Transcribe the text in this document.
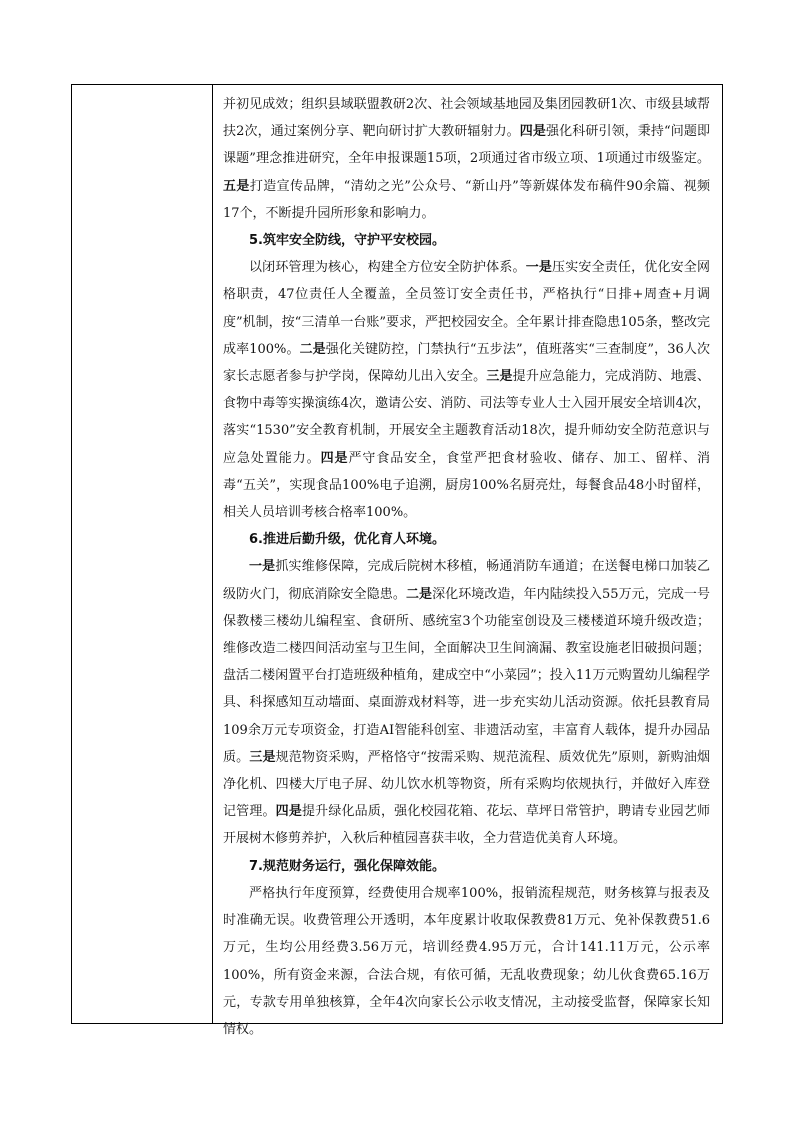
并初见成效；组织县域联盟教研2次、社会领域基地园及集团园教研1次、市级县域帮扶2次，通过案例分享、靶向研讨扩大教研辐射力。四是强化科研引领，秉持“问题即课题”理念推进研究，全年申报课题15项，2项通过省市级立项、1项通过市级鉴定。五是打造宣传品牌，“清幼之光”公众号、“新山丹”等新媒体发布稿件90余篇、视频17个，不断提升园所形象和影响力。

5.筑牢安全防线，守护平安校园。

以闭环管理为核心，构建全方位安全防护体系。一是压实安全责任，优化安全网格职责，47位责任人全覆盖，全员签订安全责任书，严格执行“日排+周查+月调度”机制，按“三清单一台账”要求，严把校园安全。全年累计排查隐患105条，整改完成率100%。二是强化关键防控，门禁执行“五步法”，值班落实“三查制度”，36人次家长志愿者参与护学岗，保障幼儿出入安全。三是提升应急能力，完成消防、地震、食物中毒等实操演练4次，邀请公安、消防、司法等专业人士入园开展安全培训4次，落实“1530”安全教育机制，开展安全主题教育活动18次，提升师幼安全防范意识与应急处置能力。四是严守食品安全，食堂严把食材验收、储存、加工、留样、消毒“五关”，实现食品100%电子追溯，厨房100%名厨亮灶，每餐食品48小时留样，相关人员培训考核合格率100%。

6.推进后勤升级，优化育人环境。

一是抓实维修保障，完成后院树木移植，畅通消防车通道；在送餐电梯口加装乙级防火门，彻底消除安全隐患。二是深化环境改造，年内陆续投入55万元，完成一号保教楼三楼幼儿编程室、食研所、感统室3个功能室创设及三楼楼道环境升级改造；维修改造二楼四间活动室与卫生间，全面解决卫生间滴漏、教室设施老旧破损问题；盘活二楼闲置平台打造班级种植角，建成空中“小菜园”；投入11万元购置幼儿编程学具、科探感知互动墙面、桌面游戏材料等，进一步充实幼儿活动资源。依托县教育局109余万元专项资金，打造AI智能科创室、非遗活动室，丰富育人载体，提升办园品质。三是规范物资采购，严格恪守“按需采购、规范流程、质效优先”原则，新购油烟净化机、四楼大厅电子屏、幼儿饮水机等物资，所有采购均依规执行，并做好入库登记管理。四是提升绿化品质，强化校园花箱、花坛、草坪日常管护，聘请专业园艺师开展树木修剪养护，入秋后种植园喜获丰收，全力营造优美育人环境。

7.规范财务运行，强化保障效能。

严格执行年度预算，经费使用合规率100%，报销流程规范，财务核算与报表及时准确无误。收费管理公开透明，本年度累计收取保教费81万元、免补保教费51.6万元，生均公用经费3.56万元，培训经费4.95万元，合计141.11万元，公示率100%，所有资金来源，合法合规，有依可循，无乱收费现象；幼儿伙食费65.16万元，专款专用单独核算，全年4次向家长公示收支情况，主动接受监督，保障家长知情权。
